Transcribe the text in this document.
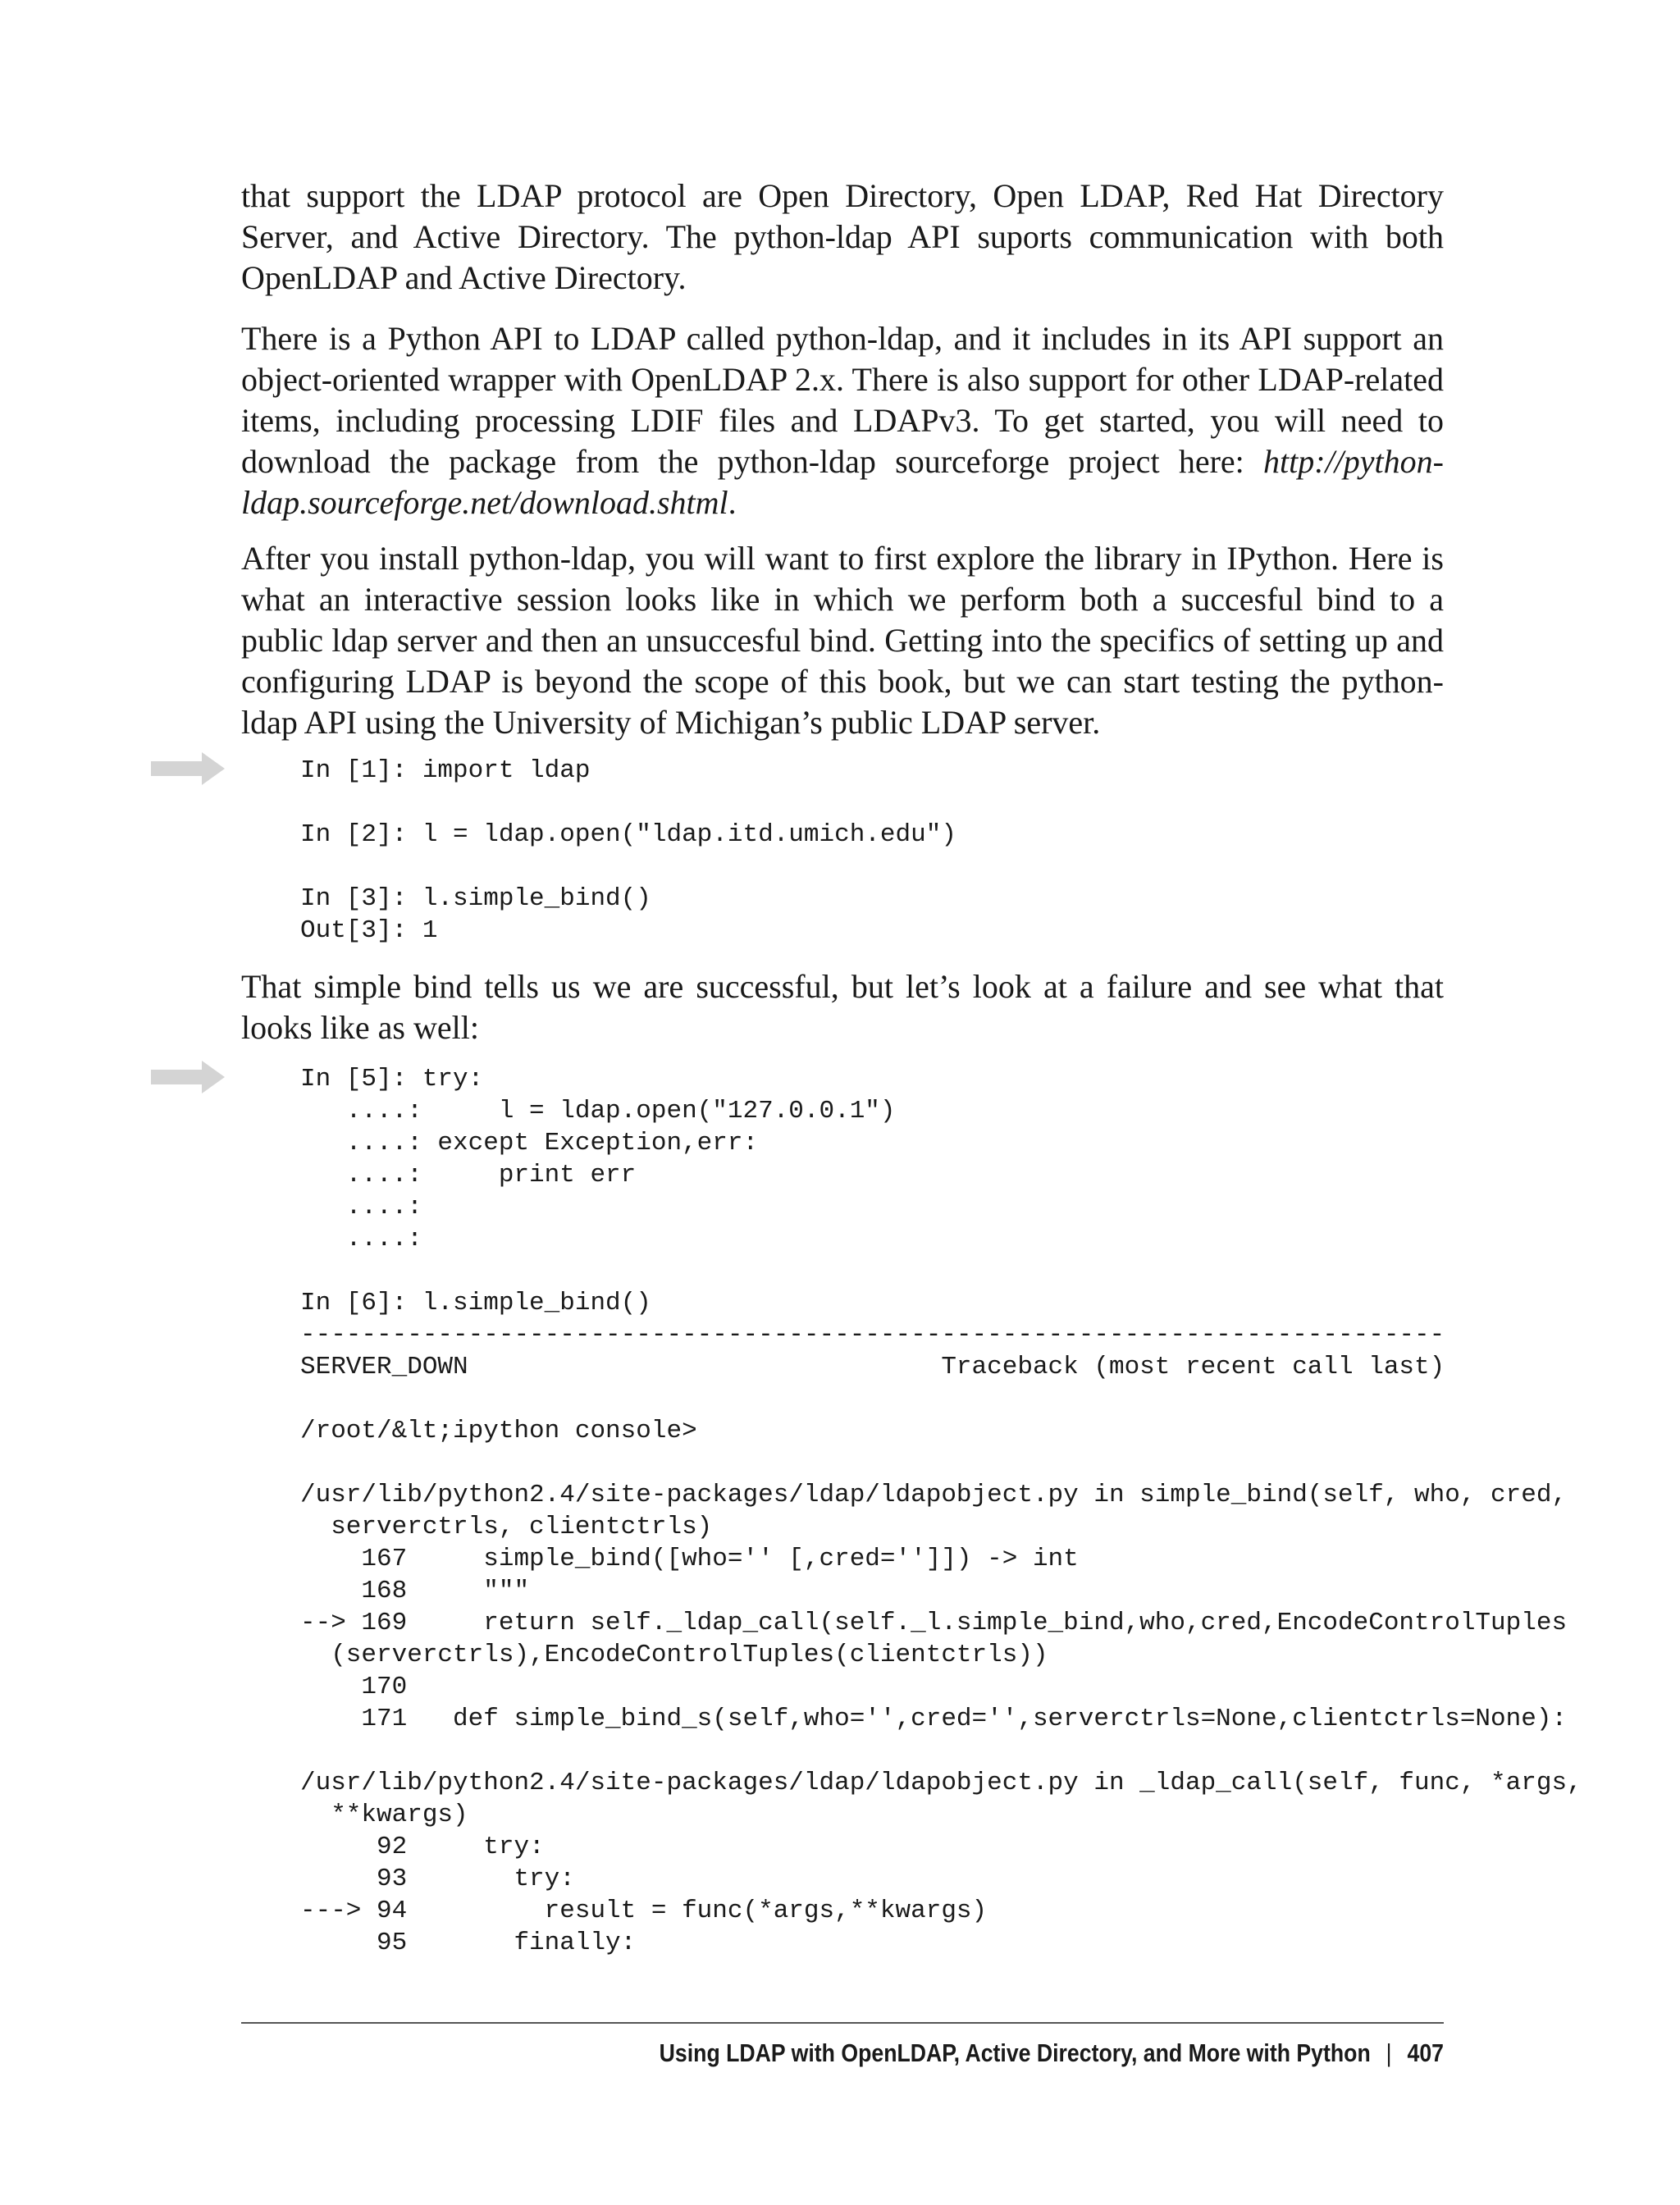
that support the LDAP protocol are Open Directory, Open LDAP, Red Hat Directory Server, and Active Directory. The python-ldap API suports communication with both OpenLDAP and Active Directory.

There is a Python API to LDAP called python-ldap, and it includes in its API support an object-oriented wrapper with OpenLDAP 2.x. There is also support for other LDAP-related items, including processing LDIF files and LDAPv3. To get started, you will need to download the package from the python-ldap sourceforge project here: http://python-ldap.sourceforge.net/download.shtml.

After you install python-ldap, you will want to first explore the library in IPython. Here is what an interactive session looks like in which we perform both a succesful bind to a public ldap server and then an unsuccesful bind. Getting into the specifics of setting up and configuring LDAP is beyond the scope of this book, but we can start testing the python-ldap API using the University of Michigan’s public LDAP server.

In [1]: import ldap

In [2]: l = ldap.open("ldap.itd.umich.edu")

In [3]: l.simple_bind()
Out[3]: 1

That simple bind tells us we are successful, but let’s look at a failure and see what that looks like as well:

In [5]: try:
....:     l = ldap.open("127.0.0.1")
....: except Exception,err:
....:     print err
....:
....:

In [6]: l.simple_bind()
---------------------------------------------------------------------------
SERVER_DOWN                               Traceback (most recent call last)

/root/&lt;ipython console>

/usr/lib/python2.4/site-packages/ldap/ldapobject.py in simple_bind(self, who, cred,
serverctrls, clientctrls)
167     simple_bind([who='' [,cred='']]) -> int
168     """
--> 169     return self._ldap_call(self._l.simple_bind,who,cred,EncodeControlTuples
(serverctrls),EncodeControlTuples(clientctrls))
170
171   def simple_bind_s(self,who='',cred='',serverctrls=None,clientctrls=None):

/usr/lib/python2.4/site-packages/ldap/ldapobject.py in _ldap_call(self, func, *args,
**kwargs)
92     try:
93       try:
---> 94         result = func(*args,**kwargs)
95       finally:
Using LDAP with OpenLDAP, Active Directory, and More with Python | 407
